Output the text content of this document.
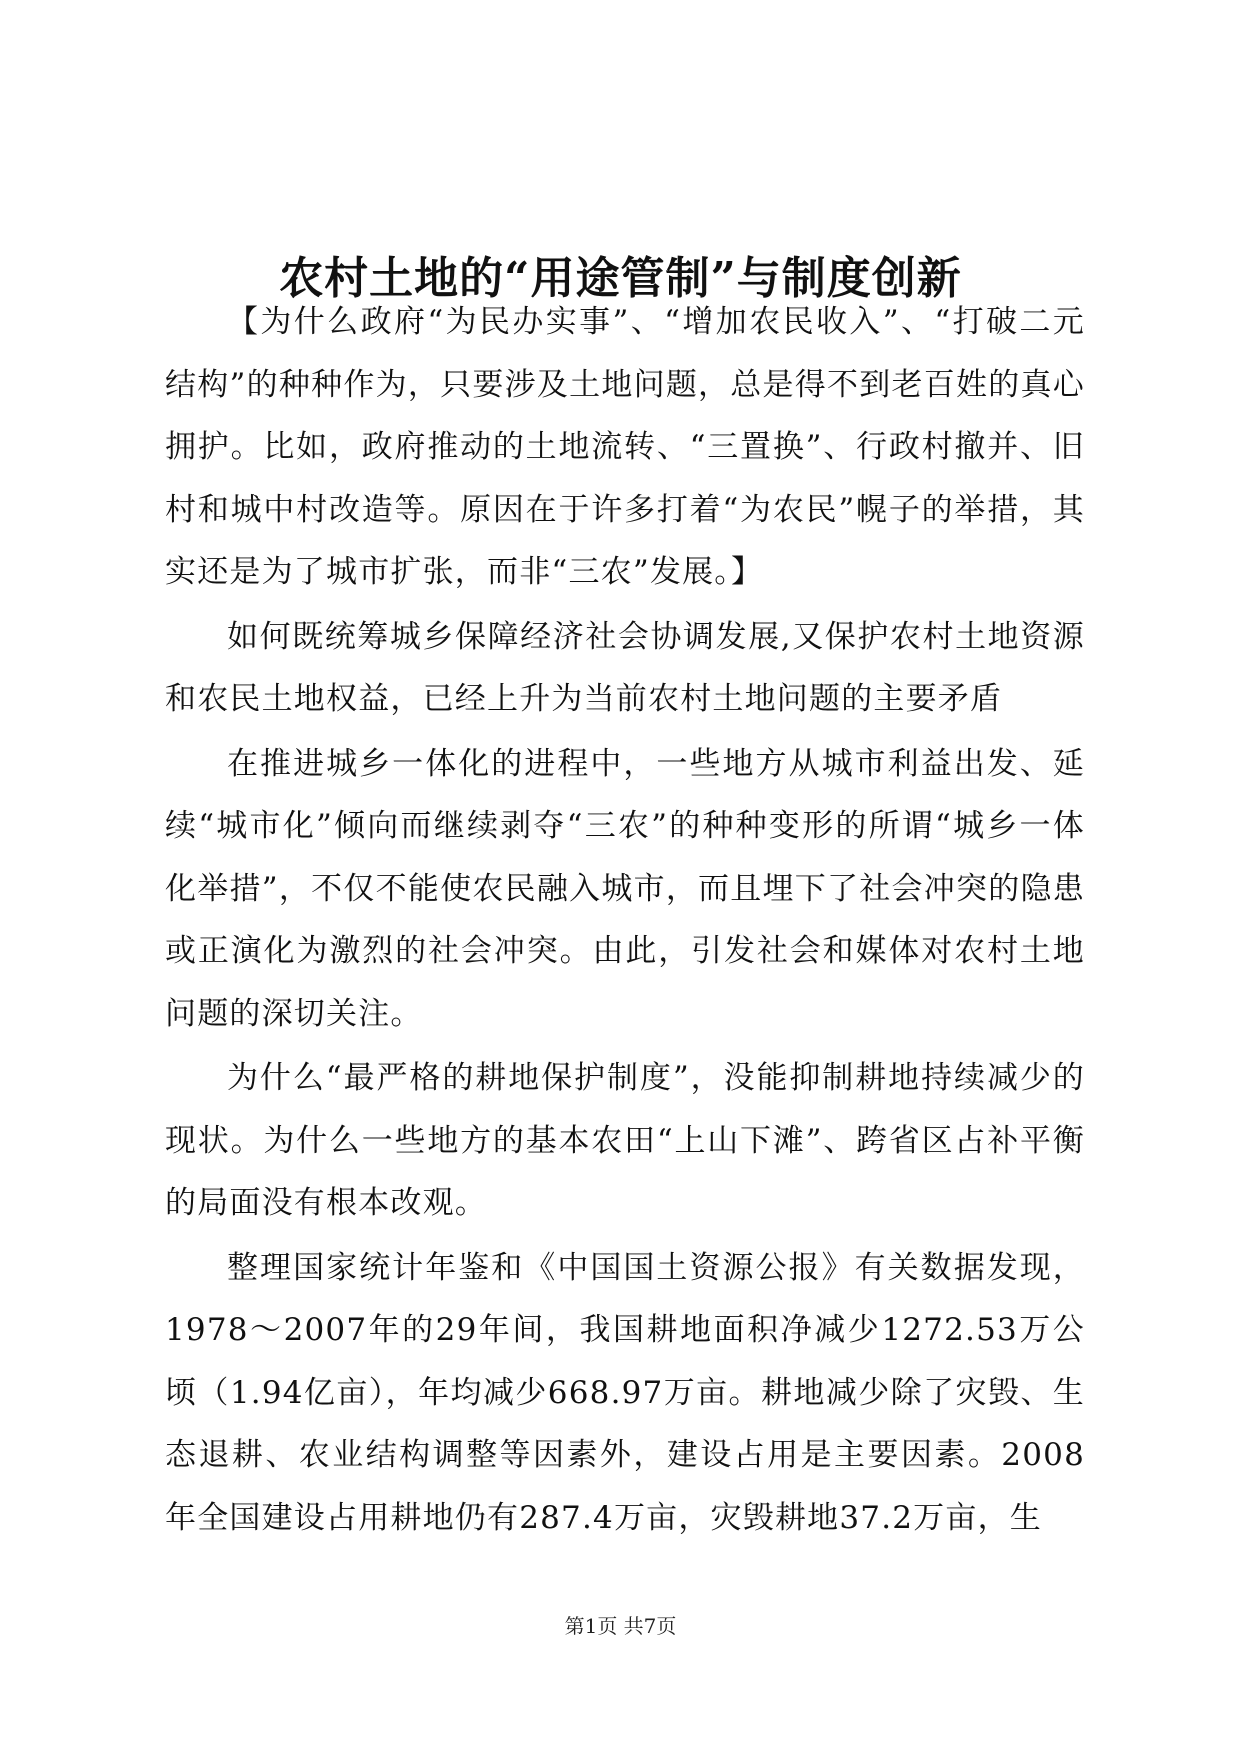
农村土地的“用途管制”与制度创新

【为什么政府“为民办实事”、“增加农民收入”、“打破二元结构”的种种作为，只要涉及土地问题，总是得不到老百姓的真心拥护。比如，政府推动的土地流转、“三置换”、行政村撤并、旧村和城中村改造等。原因在于许多打着“为农民”幌子的举措，其实还是为了城市扩张，而非“三农”发展。】

如何既统筹城乡保障经济社会协调发展,又保护农村土地资源和农民土地权益，已经上升为当前农村土地问题的主要矛盾

在推进城乡一体化的进程中，一些地方从城市利益出发、延续“城市化”倾向而继续剥夺“三农”的种种变形的所谓“城乡一体化举措”，不仅不能使农民融入城市，而且埋下了社会冲突的隐患或正演化为激烈的社会冲突。由此，引发社会和媒体对农村土地问题的深切关注。

为什么“最严格的耕地保护制度”，没能抑制耕地持续减少的现状。为什么一些地方的基本农田“上山下滩”、跨省区占补平衡的局面没有根本改观。

整理国家统计年鉴和《中国国土资源公报》有关数据发现，1978～2007年的29年间，我国耕地面积净减少1272.53万公顷（1.94亿亩），年均减少668.97万亩。耕地减少除了灾毁、生态退耕、农业结构调整等因素外，建设占用是主要因素。2008年全国建设占用耕地仍有287.4万亩，灾毁耕地37.2万亩，生

第1页 共7页
